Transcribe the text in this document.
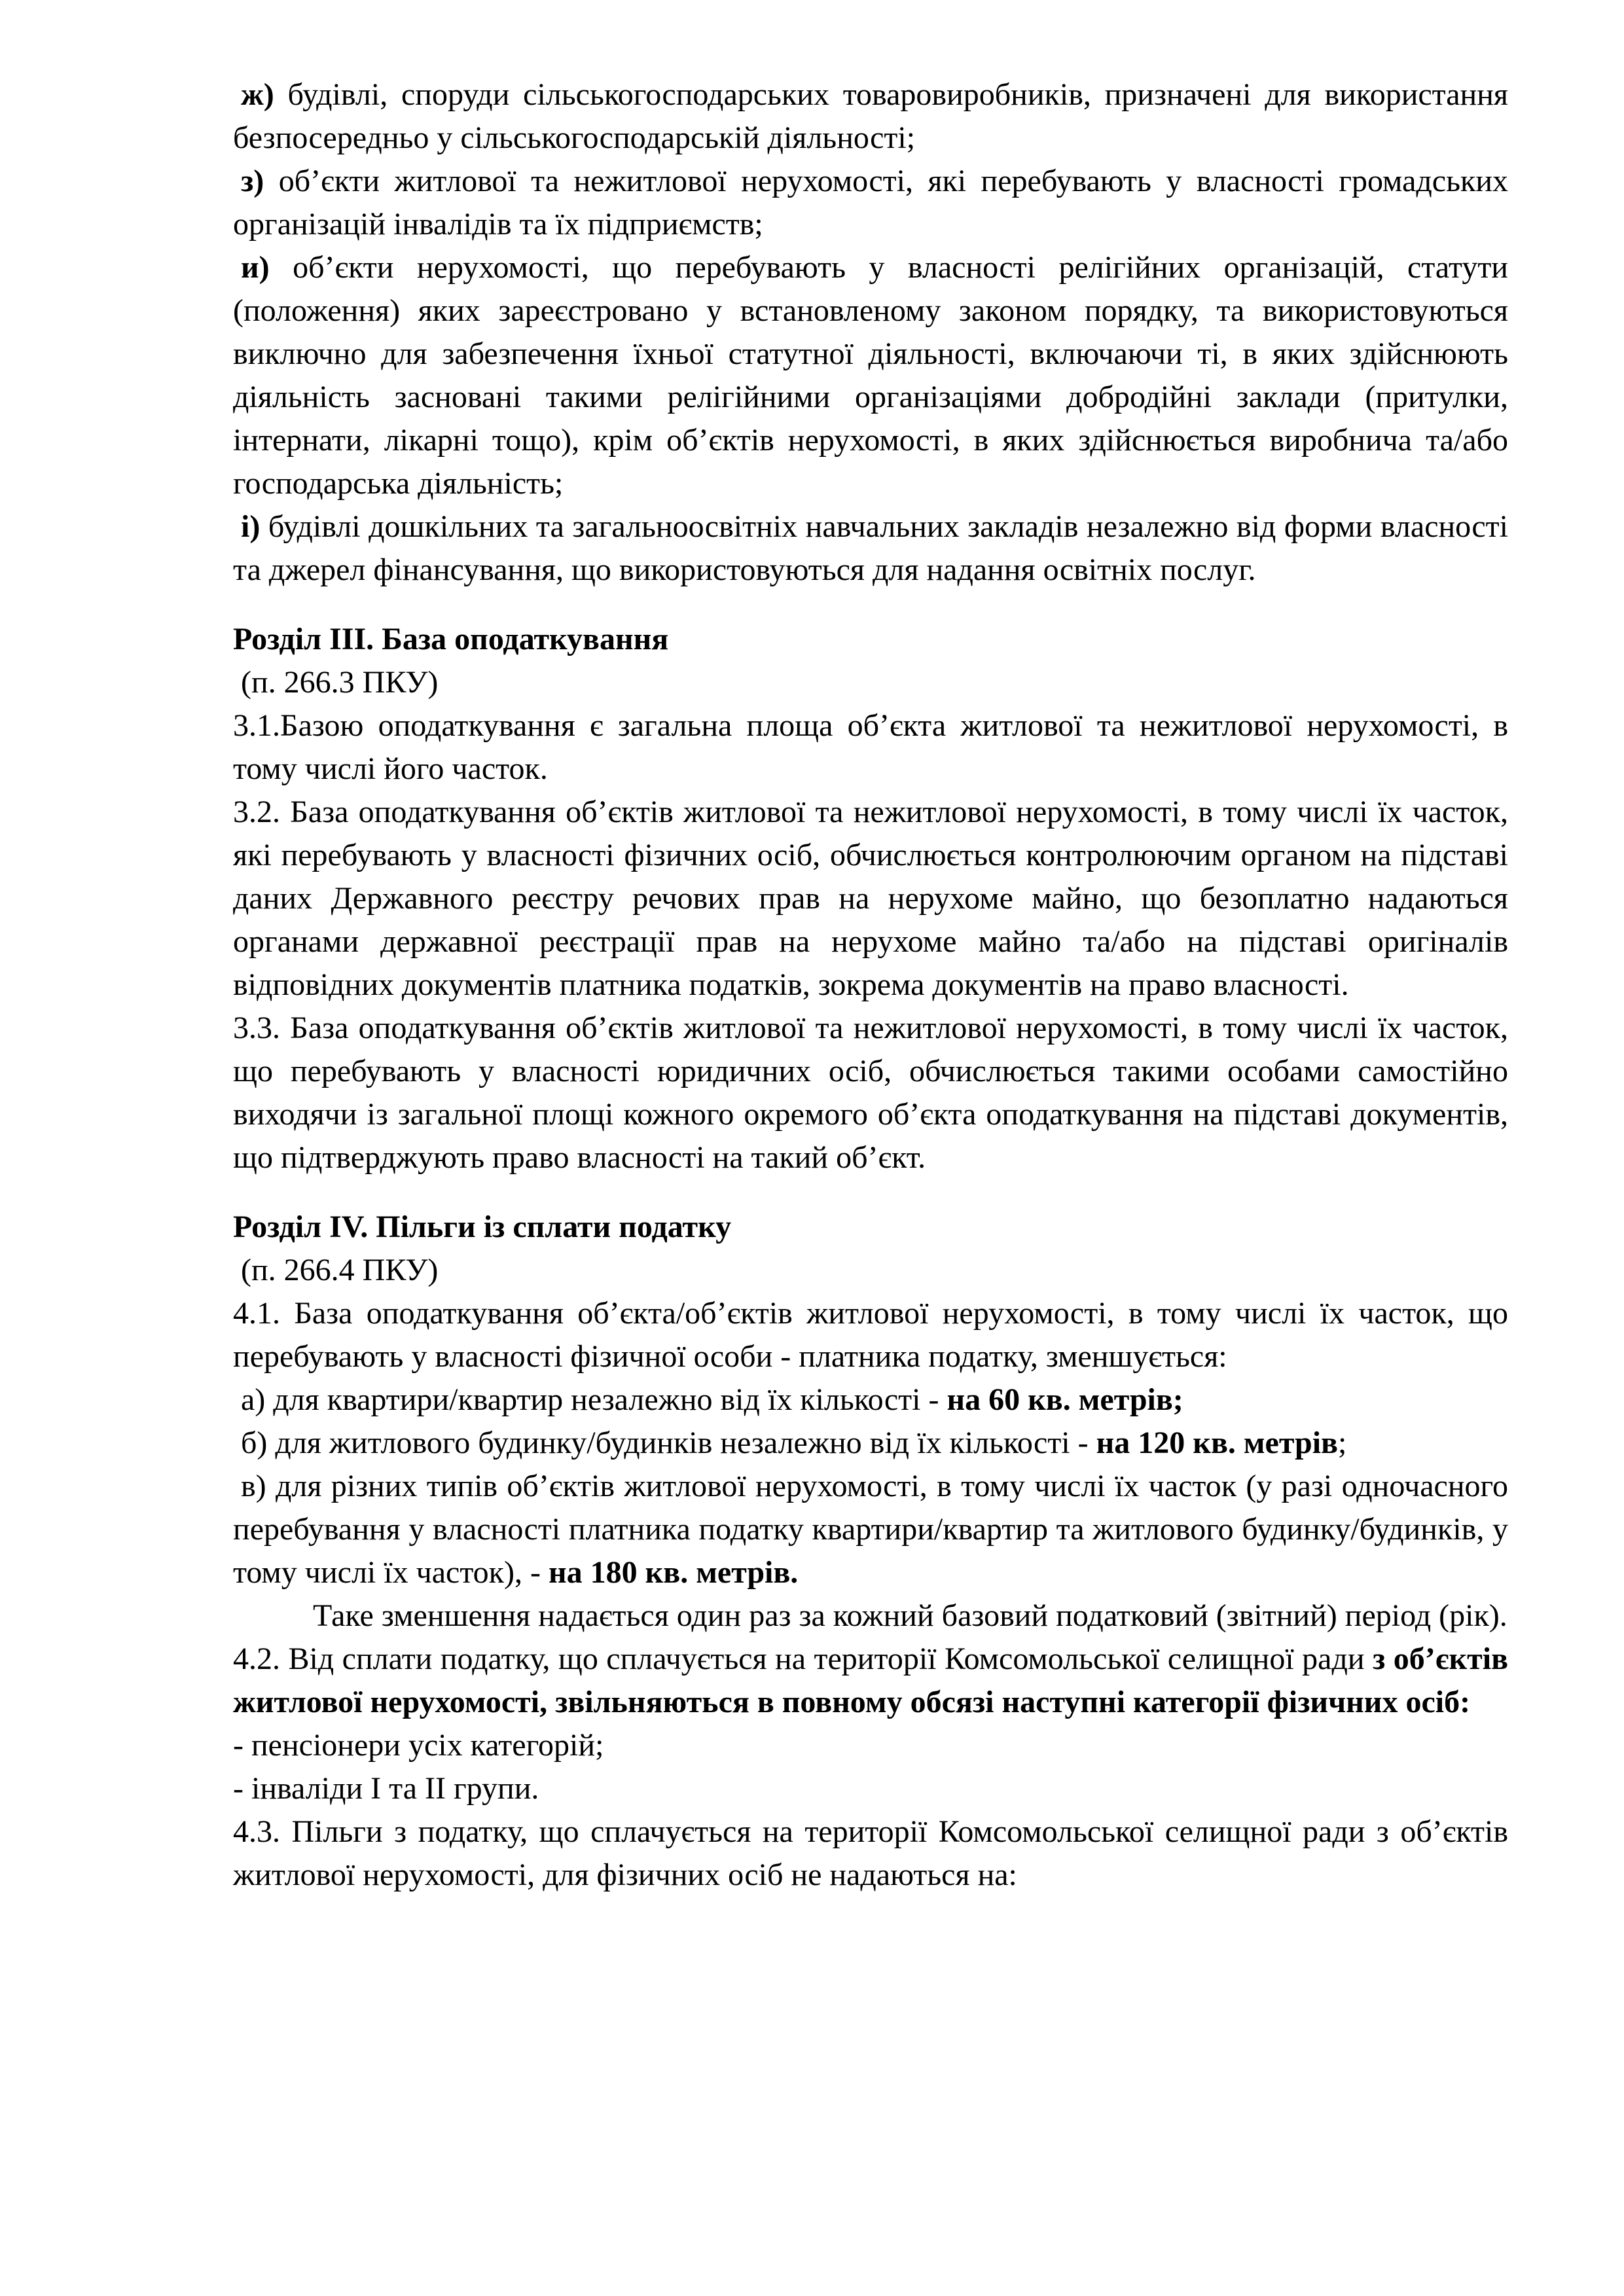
ж) будівлі, споруди сільськогосподарських товаровиробників, призначені для використання безпосередньо у сільськогосподарській діяльності;

з) об’єкти житлової та нежитлової нерухомості, які перебувають у власності громадських організацій інвалідів та їх підприємств;

и) об’єкти нерухомості, що перебувають у власності релігійних організацій, статути (положення) яких зареєстровано у встановленому законом порядку, та використовуються виключно для забезпечення їхньої статутної діяльності, включаючи ті, в яких здійснюють діяльність засновані такими релігійними організаціями добродійні заклади (притулки, інтернати, лікарні тощо), крім об’єктів нерухомості, в яких здійснюється виробнича та/або господарська діяльність;

і) будівлі дошкільних та загальноосвітніх навчальних закладів незалежно від форми власності та джерел фінансування, що використовуються для надання освітніх послуг.

Розділ ІІІ. База оподаткування

(п. 266.3 ПКУ)

3.1.Базою оподаткування є загальна площа об’єкта житлової та нежитлової нерухомості, в тому числі його часток.

3.2. База оподаткування об’єктів житлової та нежитлової нерухомості, в тому числі їх часток, які перебувають у власності фізичних осіб, обчислюється контролюючим органом на підставі даних Державного реєстру речових прав на нерухоме майно, що безоплатно надаються органами державної реєстрації прав на нерухоме майно та/або на підставі оригіналів відповідних документів платника податків, зокрема документів на право власності.

3.3. База оподаткування об’єктів житлової та нежитлової нерухомості, в тому числі їх часток, що перебувають у власності юридичних осіб, обчислюється такими особами самостійно виходячи із загальної площі кожного окремого об’єкта оподаткування на підставі документів, що підтверджують право власності на такий об’єкт.

Розділ ІV. Пільги із сплати податку

(п. 266.4 ПКУ)

4.1. База оподаткування об’єкта/об’єктів житлової нерухомості, в тому числі їх часток, що перебувають у власності фізичної особи - платника податку, зменшується:

а) для квартири/квартир незалежно від їх кількості - на 60 кв. метрів;

б) для житлового будинку/будинків незалежно від їх кількості - на 120 кв. метрів;

в) для різних типів об’єктів житлової нерухомості, в тому числі їх часток (у разі одночасного перебування у власності платника податку квартири/квартир та житлового будинку/будинків, у тому числі їх часток), - на 180 кв. метрів.

Таке зменшення надається один раз за кожний базовий податковий (звітний) період (рік).

4.2. Від сплати податку, що сплачується на території Комсомольської селищної ради з об’єктів житлової нерухомості, звільняються в повному обсязі наступні категорії фізичних осіб:

- пенсіонери усіх категорій;

- інваліди І та ІІ групи.

4.3. Пільги з податку, що сплачується на території Комсомольської селищної ради з об’єктів житлової нерухомості, для фізичних осіб не надаються на:
